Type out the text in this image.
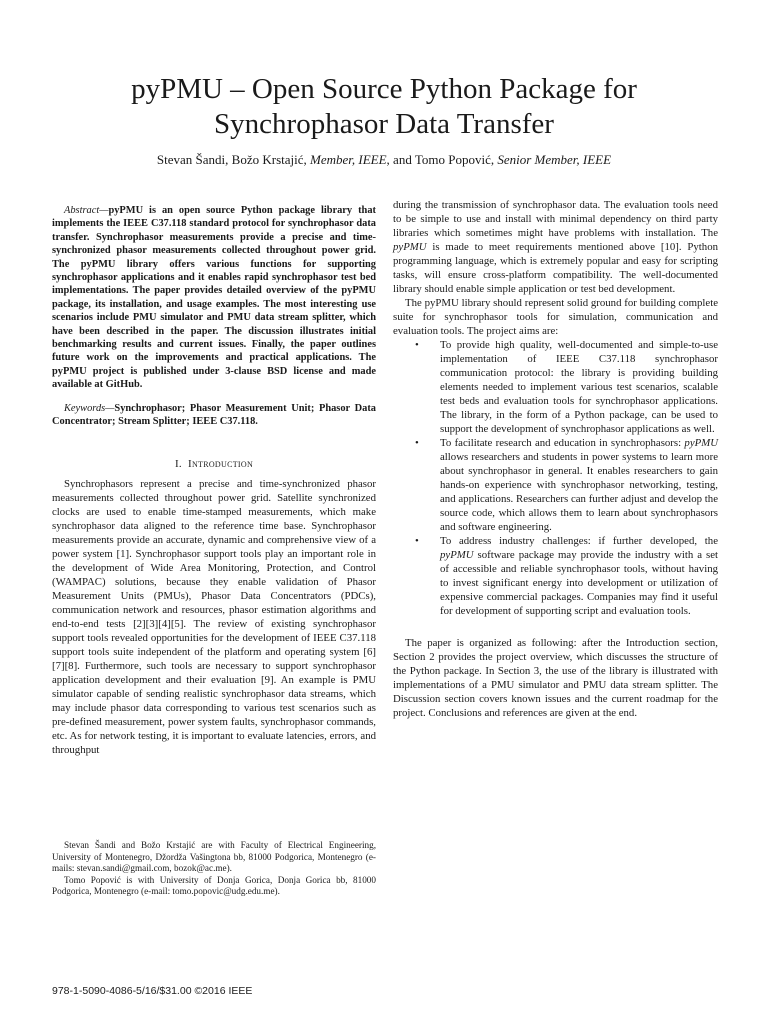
pyPMU – Open Source Python Package for Synchrophasor Data Transfer
Stevan Šandi, Božo Krstajić, Member, IEEE, and Tomo Popović, Senior Member, IEEE

Abstract—pyPMU is an open source Python package library that implements the IEEE C37.118 standard protocol for synchrophasor data transfer. Synchrophasor measurements provide a precise and time-synchronized phasor measurements collected throughout power grid. The pyPMU library offers various functions for supporting synchrophasor applications and it enables rapid synchrophasor test bed implementations. The paper provides detailed overview of the pyPMU package, its installation, and usage examples. The most interesting use scenarios include PMU simulator and PMU data stream splitter, which have been described in the paper. The discussion illustrates initial benchmarking results and current issues. Finally, the paper outlines future work on the improvements and practical applications. The pyPMU project is published under 3-clause BSD license and made available at GitHub.

Keywords—Synchrophasor; Phasor Measurement Unit; Phasor Data Concentrator; Stream Splitter; IEEE C37.118.

I. Introduction

Synchrophasors represent a precise and time-synchronized phasor measurements collected throughout power grid. Satellite synchronized clocks are used to enable time-stamped measurements, which make synchrophasor data aligned to the reference time base. Synchrophasor measurements provide an accurate, dynamic and comprehensive view of a power system [1]. Synchrophasor support tools play an important role in the development of Wide Area Monitoring, Protection, and Control (WAMPAC) solutions, because they enable validation of Phasor Measurement Units (PMUs), Phasor Data Concentrators (PDCs), communication network and resources, phasor estimation algorithms and end-to-end tests [2][3][4][5]. The review of existing synchrophasor support tools revealed opportunities for the development of IEEE C37.118 support tools suite independent of the platform and operating system [6][7][8]. Furthermore, such tools are necessary to support synchrophasor application development and their evaluation [9]. An example is PMU simulator capable of sending realistic synchrophasor data streams, which may include phasor data corresponding to various test scenarios such as pre-defined measurement, power system faults, synchrophasor commands, etc. As for network testing, it is important to evaluate latencies, errors, and throughput

during the transmission of synchrophasor data. The evaluation tools need to be simple to use and install with minimal dependency on third party libraries which sometimes might have problems with installation. The pyPMU is made to meet requirements mentioned above [10]. Python programming language, which is extremely popular and easy for scripting tasks, will ensure cross-platform compatibility. The well-documented library should enable simple application or test bed development.

The pyPMU library should represent solid ground for building complete suite for synchrophasor tools for simulation, communication and evaluation tools. The project aims are:

• To provide high quality, well-documented and simple-to-use implementation of IEEE C37.118 synchrophasor communication protocol: the library is providing building elements needed to implement various test scenarios, scalable test beds and evaluation tools for synchrophasor applications. The library, in the form of a Python package, can be used to support the development of synchrophasor applications as well.
• To facilitate research and education in synchrophasors: pyPMU allows researchers and students in power systems to learn more about synchrophasor in general. It enables researchers to gain hands-on experience with synchrophasor networking, testing, and applications. Researchers can further adjust and develop the source code, which allows them to learn about synchrophasors and software engineering.
• To address industry challenges: if further developed, the pyPMU software package may provide the industry with a set of accessible and reliable synchrophasor tools, without having to invest significant energy into development or utilization of expensive commercial packages. Companies may find it useful for development of supporting script and evaluation tools.

The paper is organized as following: after the Introduction section, Section 2 provides the project overview, which discusses the structure of the Python package. In Section 3, the use of the library is illustrated with implementations of a PMU simulator and PMU data stream splitter. The Discussion section covers known issues and the current roadmap for the project. Conclusions and references are given at the end.

Stevan Šandi and Božo Krstajić are with Faculty of Electrical Engineering, University of Montenegro, Džordža Vašingtona bb, 81000 Podgorica, Montenegro (e-mails: stevan.sandi@gmail.com, bozok@ac.me).

Tomo Popović is with University of Donja Gorica, Donja Gorica bb, 81000 Podgorica, Montenegro (e-mail: tomo.popovic@udg.edu.me).

978-1-5090-4086-5/16/$31.00 ©2016 IEEE
